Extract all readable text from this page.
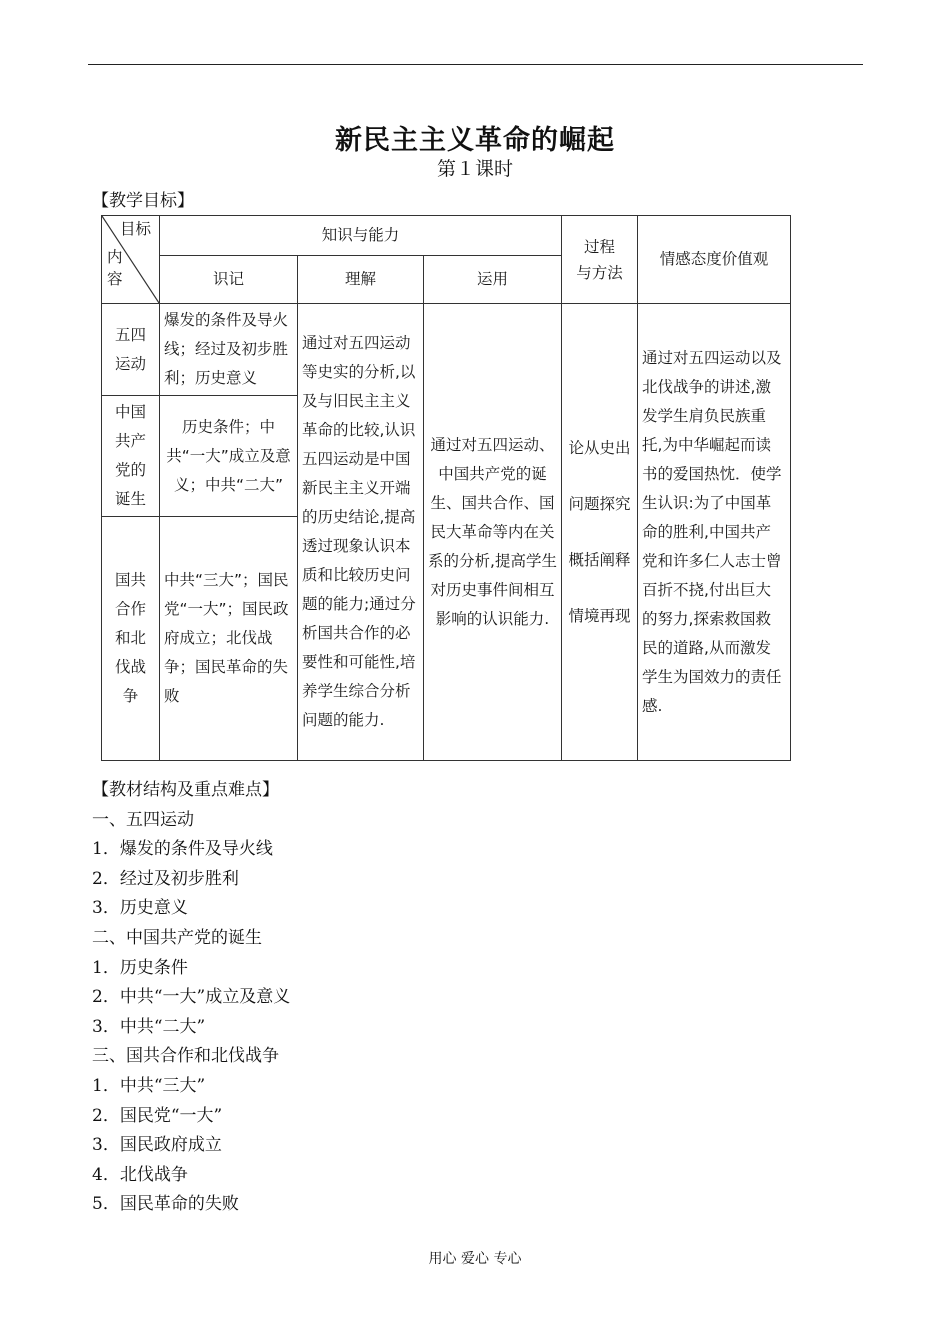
新民主主义革命的崛起
第１课时
【教学目标】
目标
内
容	知识与能力			过程
与方法	情感态度价值观
	识记	理解	运用		
五四
运动	爆发的条件及导火线；经过及初步胜利；历史意义	通过对五四运动等史实的分析,以及与旧民主主义革命的比较,认识五四运动是中国新民主主义开端的历史结论,提高透过现象认识本质和比较历史问题的能力;通过分析国共合作的必要性和可能性,培养学生综合分析问题的能力.	通过对五四运动、中国共产党的诞生、国共合作、国民大革命等内在关系的分析,提高学生对历史事件间相互影响的认识能力.	论从史出
问题探究
概括阐释
情境再现	通过对五四运动以及北伐战争的讲述,激发学生肩负民族重托,为中华崛起而读书的爱国热忱．使学生认识:为了中国革命的胜利,中国共产党和许多仁人志士曾百折不挠,付出巨大的努力,探索救国救民的道路,从而激发学生为国效力的责任感.
中国
共产
党的
诞生	历史条件；中共“一大”成立及意义；中共“二大”				
国共
合作
和北
伐战
争	中共“三大”；国民党“一大”；国民政府成立；北伐战争；国民革命的失败				
【教材结构及重点难点】
一、五四运动
1．爆发的条件及导火线
2．经过及初步胜利
3．历史意义
二、中国共产党的诞生
1．历史条件
2．中共“一大”成立及意义
3．中共“二大”
三、国共合作和北伐战争
1．中共“三大”
2．国民党“一大”
3．国民政府成立
4．北伐战争
5．国民革命的失败
用心 爱心 专心
